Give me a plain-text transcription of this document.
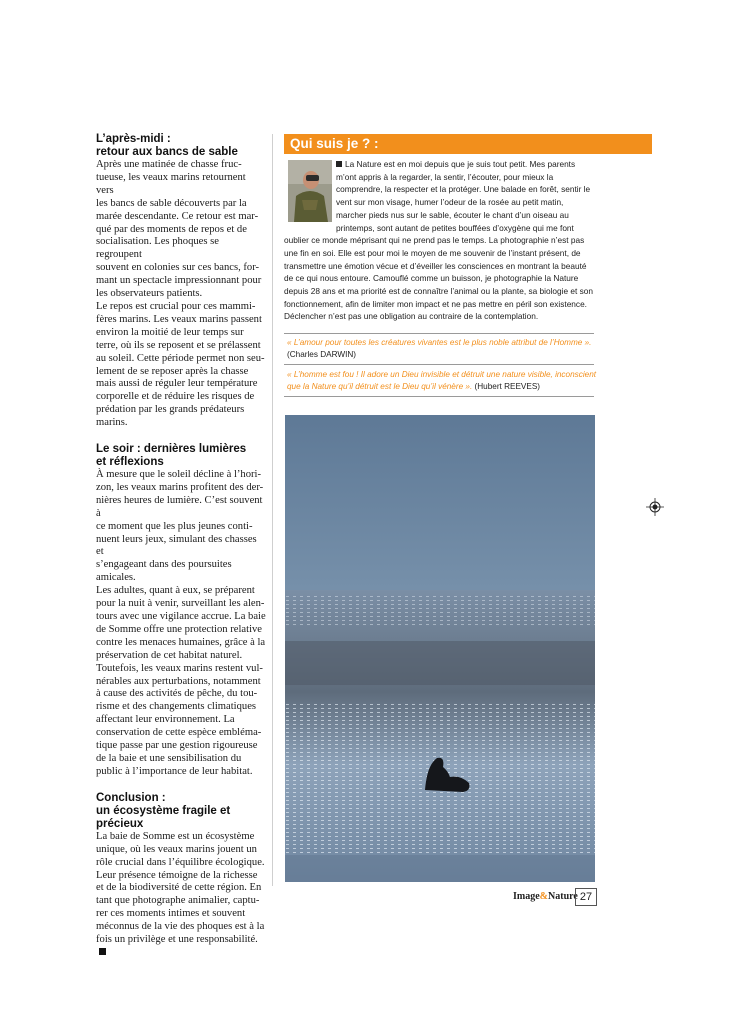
L’après-midi :
retour aux bancs de sable
Après une matinée de chasse fruc-
tueuse, les veaux marins retournent vers
les bancs de sable découverts par la
marée descendante. Ce retour est mar-
qué par des moments de repos et de
socialisation. Les phoques se regroupent
souvent en colonies sur ces bancs, for-
mant un spectacle impressionnant pour
les observateurs patients.
Le repos est crucial pour ces mammi-
fères marins. Les veaux marins passent
environ la moitié de leur temps sur
terre, où ils se reposent et se prélassent
au soleil. Cette période permet non seu-
lement de se reposer après la chasse
mais aussi de réguler leur température
corporelle et de réduire les risques de
prédation par les grands prédateurs
marins.
Le soir : dernières lumières
et réflexions
À mesure que le soleil décline à l’hori-
zon, les veaux marins profitent des der-
nières heures de lumière. C’est souvent à
ce moment que les plus jeunes conti-
nuent leurs jeux, simulant des chasses et
s’engageant dans des poursuites amicales.
Les adultes, quant à eux, se préparent
pour la nuit à venir, surveillant les alen-
tours avec une vigilance accrue. La baie
de Somme offre une protection relative
contre les menaces humaines, grâce à la
préservation de cet habitat naturel.
Toutefois, les veaux marins restent vul-
nérables aux perturbations, notamment
à cause des activités de pêche, du tou-
risme et des changements climatiques
affectant leur environnement. La
conservation de cette espèce emblémа-
tique passe par une gestion rigoureuse
de la baie et une sensibilisation du
public à l’importance de leur habitat.
Conclusion :
un écosystème fragile et précieux
La baie de Somme est un écosystème
unique, où les veaux marins jouent un
rôle crucial dans l’équilibre écologique.
Leur présence témoigne de la richesse
et de la biodiversité de cette région. En
tant que photographe animalier, captu-
rer ces moments intimes et souvent
méconnus de la vie des phoques est à la
fois un privilège et une responsabilité.
Qui suis je ? :
La Nature est en moi depuis que je suis tout petit. Mes parents m’ont appris à la regarder, la sentir, l’écouter, pour mieux la comprendre, la respecter et la protéger. Une balade en forêt, sentir le vent sur mon visage, humer l’odeur de la rosée au petit matin, marcher pieds nus sur le sable, écouter le chant d’un oiseau au printemps, sont autant de petites bouffées d’oxygène qui me font oublier ce monde méprisant qui ne prend pas le temps. La photographie n’est pas une fin en soi. Elle est pour moi le moyen de me souvenir de l’instant présent, de transmettre une émotion vécue et d’éveiller les consciences en montrant la beauté de ce qui nous entoure. Camouflé comme un buisson, je photographie la Nature depuis 28 ans et ma priorité est de connaître l’animal ou la plante, sa biologie et son fonctionnement, afin de limiter mon impact et ne pas mettre en péril son existence. Déclencher n’est pas une obligation au contraire de la contemplation.
« L’amour pour toutes les créatures vivantes est le plus noble attribut de l’Homme ». (Charles DARWIN)
« L’homme est fou ! Il adore un Dieu invisible et détruit une nature visible, inconscient que la Nature qu’il détruit est le Dieu qu’il vénère ». (Hubert REEVES)
Image&Nature 27
